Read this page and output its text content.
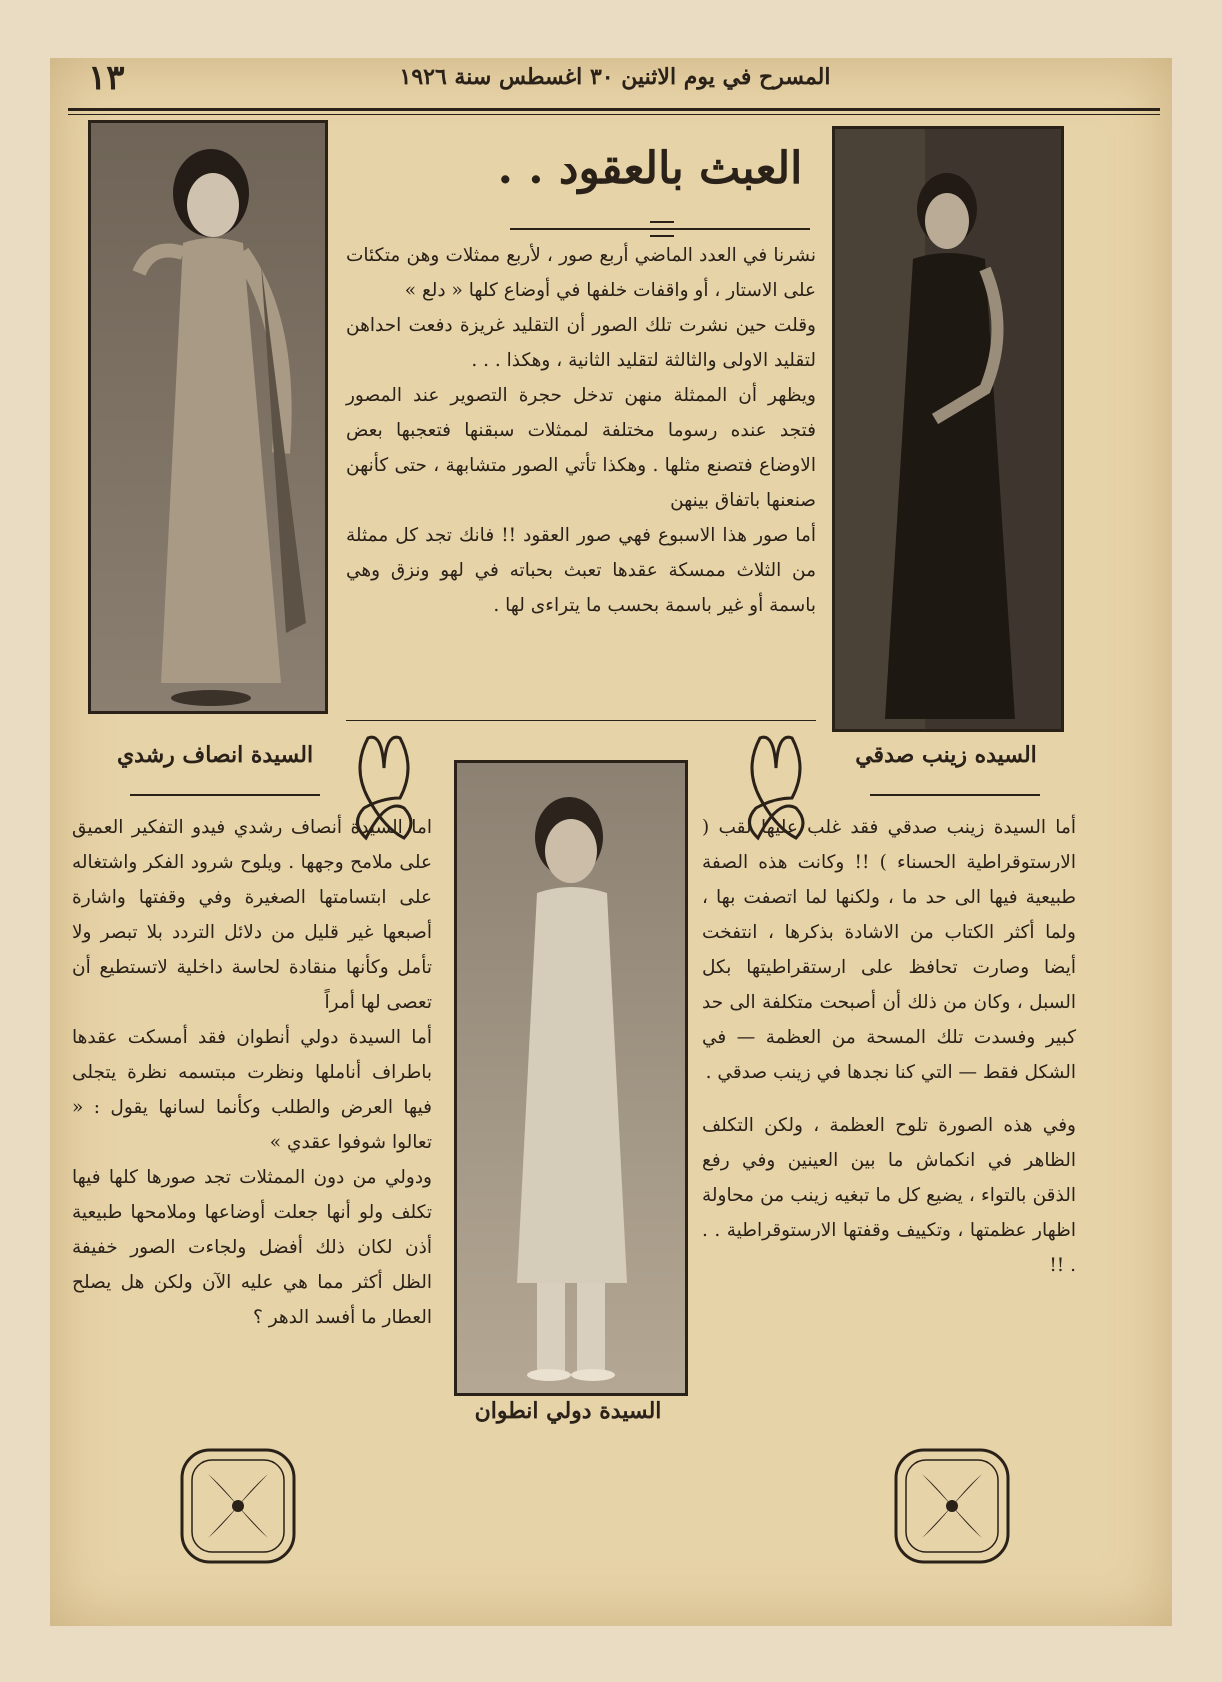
١٣	المسرح في يوم الاثنين ٣٠ اغسطس سنة ١٩٢٦
العبث بالعقود . .

نشرنا في العدد الماضي أربع صور ، لأربع ممثلات وهن متكئات على الاستار ، أو واقفات خلفها في أوضاع كلها « دلع »

وقلت حين نشرت تلك الصور أن التقليد غريزة دفعت احداهن لتقليد الاولى والثالثة لتقليد الثانية ، وهكذا . . .

ويظهر أن الممثلة منهن تدخل حجرة التصوير عند المصور فتجد عنده رسوما مختلفة لممثلات سبقنها فتعجبها بعض الاوضاع فتصنع مثلها . وهكذا تأتي الصور متشابهة ، حتى كأنهن صنعنها باتفاق بينهن

أما صور هذا الاسبوع فهي صور العقود !! فانك تجد كل ممثلة من الثلاث ممسكة عقدها تعبث بحباته في لهو ونزق وهي باسمة أو غير باسمة بحسب ما يتراءى لها .

السيدة انصاف رشدي	السيده زينب صدقي
السيدة دولي انطوان

اما السيدة أنصاف رشدي فيدو التفكير العميق على ملامح وجهها . ويلوح شرود الفكر واشتغاله على ابتسامتها الصغيرة وفي وقفتها واشارة أصبعها غير قليل من دلائل التردد بلا تبصر ولا تأمل وكأنها منقادة لحاسة داخلية لاتستطيع أن تعصى لها أمراً

أما السيدة دولي أنطوان فقد أمسكت عقدها باطراف أناملها ونظرت مبتسمه نظرة يتجلى فيها العرض والطلب وكأنما لسانها يقول : « تعالوا شوفوا عقدي »

ودولي من دون الممثلات تجد صورها كلها فيها تكلف ولو أنها جعلت أوضاعها وملامحها طبيعية أذن لكان ذلك أفضل ولجاءت الصور خفيفة الظل أكثر مما هي عليه الآن ولكن هل يصلح العطار ما أفسد الدهر ؟

أما السيدة زينب صدقي فقد غلب عليها لقب ( الارستوقراطية الحسناء ) !! وكانت هذه الصفة طبيعية فيها الى حد ما ، ولكنها لما اتصفت بها ، ولما أكثر الكتاب من الاشادة بذكرها ، انتفخت أيضا وصارت تحافظ على ارستقراطيتها بكل السبل ، وكان من ذلك أن أصبحت متكلفة الى حد كبير وفسدت تلك المسحة من العظمة — في الشكل فقط — التي كنا نجدها في زينب صدقي .

وفي هذه الصورة تلوح العظمة ، ولكن التكلف الظاهر في انكماش ما بين العينين وفي رفع الذقن بالتواء ، يضيع كل ما تبغيه زينب من محاولة اظهار عظمتها ، وتكييف وقفتها الارستوقراطية . . . !!
